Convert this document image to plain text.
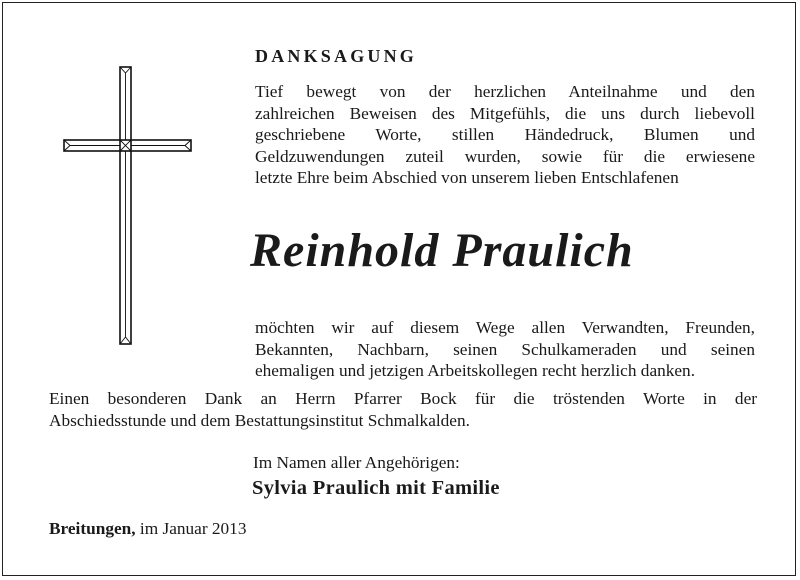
DANKSAGUNG

Tief bewegt von der herzlichen Anteilnahme und den
zahlreichen Beweisen des Mitgefühls, die uns durch liebevoll
geschriebene Worte, stillen Händedruck, Blumen und
Geldzuwendungen zuteil wurden, sowie für die erwiesene
letzte Ehre beim Abschied von unserem lieben Entschlafenen

Reinhold Praulich

möchten wir auf diesem Wege allen Verwandten, Freunden,
Bekannten, Nachbarn, seinen Schulkameraden und seinen
ehemaligen und jetzigen Arbeitskollegen recht herzlich danken.

Einen besonderen Dank an Herrn Pfarrer Bock für die tröstenden Worte in der
Abschiedsstunde und dem Bestattungsinstitut Schmalkalden.

Im Namen aller Angehörigen:

Sylvia Praulich mit Familie

Breitungen, im Januar 2013
